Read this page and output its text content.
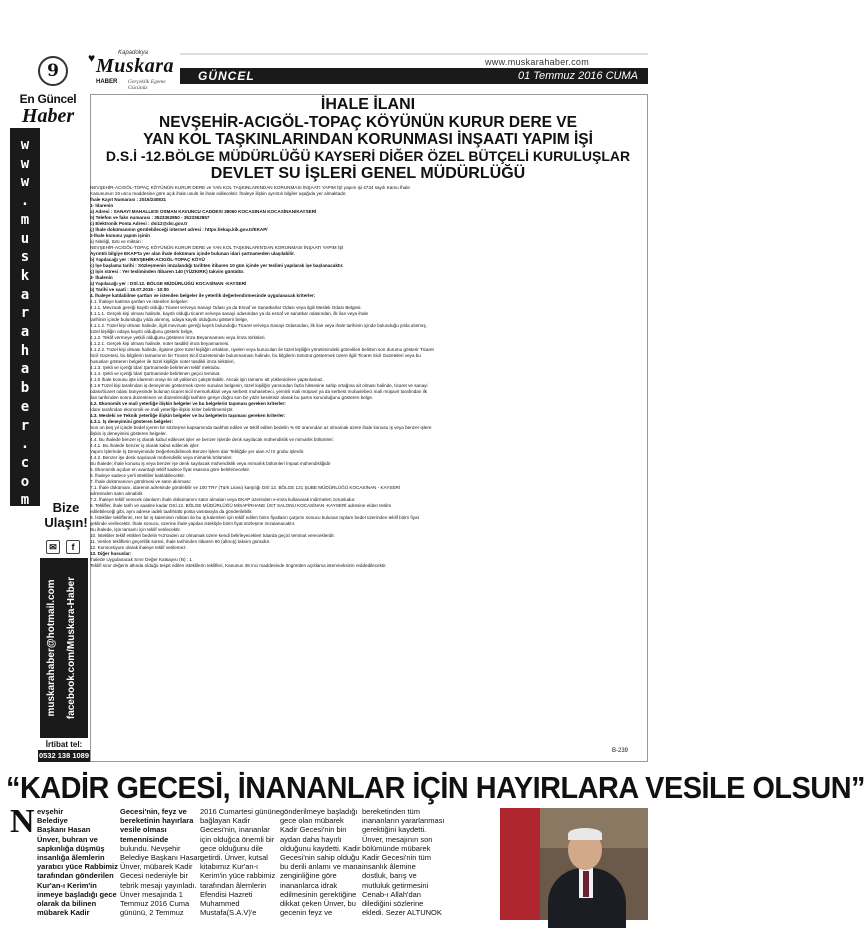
9
♥	Kapadokya
Muskara
HABER Gerçeklik Egeme Gücünüz
www.muskarahaber.com
GÜNCEL	01 Temmuz 2016 CUMA
En Güncel
Haber
w
w
w
.
m
u
s
k
a
r
a
h
a
b
e
r
.
c
o
m	Bize
Ulaşın!
✉	f
muskarahaber@hotmail.com facebook.com/Muskara-Haber
İrtibat tel:
0532 138 1089
İHALE İLANI
NEVŞEHİR-ACIGÖL-TOPAÇ KÖYÜNÜN KURUR DERE VE
YAN KOL TAŞKINLARINDAN KORUNMASI İNŞAATI YAPIM İŞİ
D.S.İ -12.BÖLGE MÜDÜRLÜĞÜ KAYSERİ DİĞER ÖZEL BÜTÇELİ KURULUŞLAR
DEVLET SU İŞLERİ GENEL MÜDÜRLÜĞÜ
NEVŞEHİR-ACIGÖL-TOPAÇ KÖYÜNÜN KURUR DERE ve YAN KOL TAŞKINLARINDAN KORUNMASI İNŞAATI YAPIM İŞİ yapım işi 4734 sayılı Kamu İhale
Kanununun 19 uncu maddesine göre açık ihale usulü ile ihale edilecektir. İhaleye ilişkin ayrıntılı bilgiler aşağıda yer almaktadır.
İhale Kayıt Numarası : 2016/240831
1- İdarenin
a) Adresi : SANAYI MAHALLESI OSMAN KAVUNCU CADDESI 38060 KOCASINAN KOCASİNAN/KAYSERİ
b) Telefon ve faks numarası : 3523362850 - 3523362857
c) Elektronik Posta Adresi : dsi12@dsi.gov.tr
ç) İhale dokümanının görülebileceği internet adresi : https://ekap.kik.gov.tr/EKAP/
2-İhale konusu yapım işinin
a) Niteliği, türü ve miktarı :
NEVŞEHİR-ACIGÖL-TOPAÇ KÖYÜNÜN KURUR DERE ve YAN KOL TAŞKINLARIN'DAN KORUNMASI İNŞAATI YAPIM İŞİ
Ayrıntılı bilgiye EKAP'ta yer alan ihale dokümanı içinde bulunan idari şartnameden ulaşılabilir.
b) Yapılacağı yer : NEVŞEHİR-ACIGÖL-TOPAÇ KÖYÜ
c) İşe başlama tarihi : Sözleşmenin imzalandığı tarihten itibaren 10 gün içinde yer teslimi yapılarak işe başlanacaktır.
ç) İşin süresi : Yer tesliminden itibaren 140 (YÜZKIRK) takvim günüdür.
3- İhalenin
a) Yapılacağı yer : DSİ.12. BÖLGE MÜDÜRLÜĞÜ KOCASİNAN -KAYSERİ
b) Tarihi ve saati : 19.07.2016 - 10:00
4. İhaleye katılabilme şartları ve istenilen belgeler ile yeterlik değerlendirmesinde uygulanacak kriterler:
4.1. İhaleye katılma şartları ve istenilen belgeler:
4.1.1. Mevzuatı gereği kayıtlı olduğu Ticaret ve/veya Sanayi Odası ya da Esnaf ve Sanatkarlar Odası veya ilgili Meslek Odası Belgesi.
4.1.1.1. Gerçek kişi olması halinde, kayıtlı olduğu ticaret ve/veya sanayi odasından ya da esnaf ve sanatkar odasından, ilk ilan veya ihale
tarihinin içinde bulunduğu yılda alınmış, odaya kayıtlı olduğunu gösterir belge,
4.1.1.2. Tüzel kişi olması halinde, ilgili mevzuatı gereği kayıtlı bulunduğu Ticaret ve/veya Sanayi Odasından, ilk ilan veya ihale tarihinin içinde bulunduğu yılda alınmış,
tüzel kişiliğin odaya kayıtlı olduğunu gösterir belge,
4.1.2. Teklif vermeye yetkili olduğunu gösteren İmza Beyannamesi veya İmza Sirküleri.
4.1.2.1. Gerçek kişi olması halinde, noter tasdikli imza beyannamesi.
4.1.2.2. Tüzel kişi olması halinde, ilgisine göre tüzel kişiliğin ortakları, üyeleri veya kurucuları ile tüzel kişiliğin yönetimindeki görevlileri belirten son durumu gösterir Ticaret
Sicil Gazetesi, bu bilgilerin tamamının bir Ticaret Sicil Gazetesinde bulunmaması halinde, bu bilgilerin tümünü göstermek üzere ilgili Ticaret Sicil Gazeteleri veya bu
hususları gösteren belgeler ile tüzel kişiliğin noter tasdikli imza sirküleri,
4.1.3. Şekli ve içeriği İdari Şartnamede belirlenen teklif mektubu.
4.1.4. Şekli ve içeriği İdari Şartnamede belirlenen geçici teminat.
4.1.5 İhale konusu işte idarenin onayı ile alt yüklenici çalıştırılabilir. Ancak işin tamamı alt yüklenicilere yaptırılamaz.
4.1.6 Tüzel kişi tarafından iş deneyimini göstermek üzere sunulan belgenin, tüzel kişiliğin yarısından fazla hissesine sahip ortağına ait olması halinde, ticaret ve sanayi
odası/ticaret odası bünyesinde bulunan ticaret sicil memurluklari veya serbest muhasebeci, yeminli mali müşavir ya da serbest muhasebeci mali müşavir tarafından ilk
ilan tarihinden sonra düzenlenen ve düzenlendiği tarihten geriye doğru son bir yıldır kesintisiz olarak bu şartın korunduğunu gösteren belge.
4.2. Ekonomik ve mali yeterliğe ilişkin belgeler ve bu belgelerin taşıması gereken kriterler:
İdare tarafından ekonomik ve mali yeterliğe ilişkin kriter belirtilmemiştir.
4.3. Mesleki ve Teknik yeterliğe ilişkin belgeler ve bu belgelerin taşıması gereken kriterler:
4.3.1. İş deneyimini gösteren belgeler:
Son on beş yıl içinde bedel içeren bir sözleşme kapsamında taahhüt edilen ve teklif edilen bedelin % 60 oranından az olmamak üzere ihale konusu iş veya benzer işlere
ilişkin iş deneyimini gösteren belgeler.
4.4. Bu ihalede benzer iş olarak kabul edilecek işler ve benzer işlerde denk sayılacak mühendislik ve mimarlık bölümleri:
4.4.1. Bu ihalede benzer iş olarak kabul edilecek işler:
Yapım İşlerinde İş Deneyiminde Değerlendirilecek Benzer İşlere dair Tebliğde yer alan A/ IX grubu işlerdir.
4.4.2. Benzer işe denk sayılacak mühendislik veya mimarlık bölümleri:
Bu ihalede; ihale konusu iş veya benzer işe denk sayılacak mühendislik veya mimarlık bölümleri İnşaat mühendisliğidir
5. Ekonomik açıdan en avantajlı teklif sadece fiyat esasına göre belirlenecektir.
6. İhaleye sadece yerli istekliler katılabilecektir.
7. İhale dokümanının görülmesi ve satın alınması:
7.1. İhale dokümanı, idarenin adresinde görülebilir ve 100 TRY (Türk Lirası) karşılığı DSİ 12. BÖLGE 121 ŞUBE MÜDÜRLÜĞÜ KOCASİNAN - KAYSERİ
adresinden satın alınabilir.
7.2. İhaleye teklif verecek olanların ihale dokümanını satın almaları veya EKAP üzerinden e-imza kullanarak indirmeleri zorunludur.
8. Teklifler, ihale tarih ve saatine kadar DSİ.12. BÖLGE MÜDÜRLÜĞÜ MİSAFİRHANE ÜST SALONU KOCASİNAN -KAYSERİ adresine elden teslim
edilebileceği gibi, aynı adrese iadeli taahhütlü posta vasıtasıyla da gönderilebilir.
9. İstekliler tekliflerini, Her bir iş kaleminin miktarı ile bu iş kalemleri için teklif edilen birim fiyatların çarpımı sonucu bulunan toplam bedel üzerinden teklif birim fiyat
şeklinde verilecektir. İhale sonucu, üzerine ihale yapılan istekliyle birim fiyat sözleşme imzalanacaktır.
Bu ihalede, işin tamamı için teklif verilecektir.
10. İstekliler teklif ettikleri bedelin %3'ünden az olmamak üzere kendi belirleyecekleri tutarda geçici teminat vereceklerdir.
11. Verilen tekliflerin geçerlilik süresi, ihale tarihinden itibaren 60 (altmış) takvim günüdür.
12. Konsorsiyum olarak ihaleye teklif verilemez.
13. Diğer hususlar:
İhalede Uygulanacak Sınır Değer Katsayısı (N) : 1
Teklifi sınır değerin altında olduğu tespit edilen isteklilerin teklifleri, Kanunun 38 inci maddesinde öngörülen açıklama istenmeksizin reddedilecektir.
B-239
“KADİR GECESİ, İNANANLAR İÇİN HAYIRLARA VESİLE OLSUN”
N evşehir
Belediye
Başkanı Hasan
Ünver, buhran ve
sapkınlığa düşmüş
insanlığa âlemlerin
yaratıcı yüce Rabbimiz
tarafından gönderilen
Kur'an-ı Kerim'in
inmeye başladığı gece
olarak da bilinen
mübarek Kadir
Gecesi'nin, feyz ve
bereketinin hayırlara
vesile olması
temennisinde
bulundu. Nevşehir
Belediye Başkanı Hasan
Ünver, mübarek Kadir
Gecesi nedeniyle bir
tebrik mesajı yayınladı.
Ünver mesajında 1
Temmuz 2016 Cuma
gününü, 2 Temmuz
2016 Cumartesi gününe
bağlayan Kadir
Gecesi'nin, inananlar
için olduğca önemli bir
gece olduğunu dile
getirdi. Ünver, kutsal
kitabımız Kur'an-ı
Kerim'in yüce rabbimiz
tarafından âlemlerin
Efendisi Hazreti
Muhammed
Mustafa(S.A.V)'e
gönderilmeye başladığı
gece olan mübarek
Kadir Gecesi'nin bin
aydan daha hayırlı
olduğunu kaydetti. Kadir
Gecesi'nin sahip olduğu
bu derili anlamı ve mana
zenginliğine göre
inananlarca idrak
edilmesinin gerektiğine
dikkat çeken Ünver, bu
gecenin feyz ve
bereketinden tüm
inananların yararlanması
gerektiğini kaydetti.
Ünver, mesajının son
bölümünde mübarek
Kadir Gecesi'nin tüm
insanlık âlemine
dostluk, barış ve
mutluluk getirmesini
Cenab-ı Allah'dan
dilediğini sözlerine
ekledi. Sezer ALTUNOK
